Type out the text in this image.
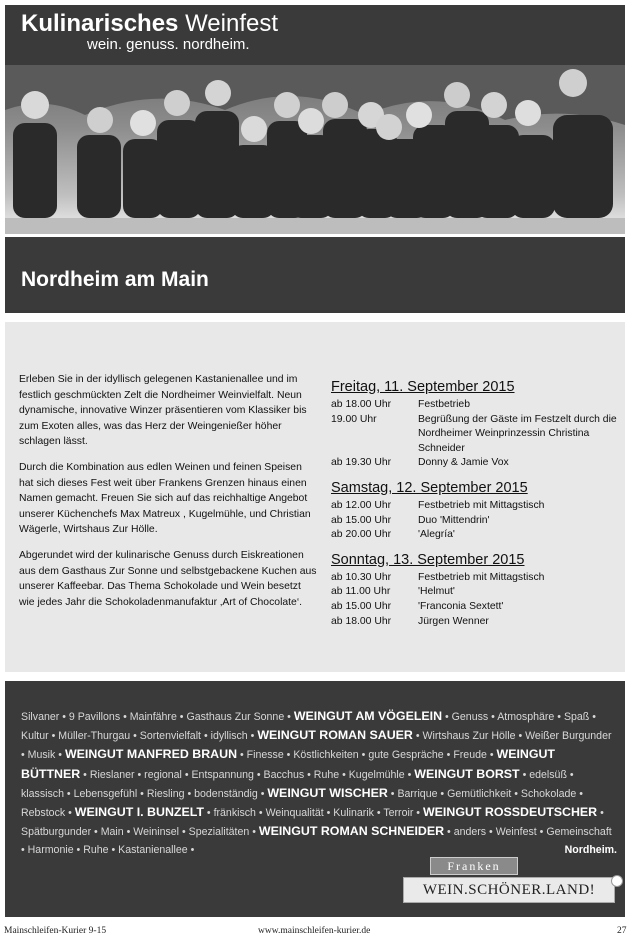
Kulinarisches Weinfest
wein. genuss. nordheim.
Nordheim am Main

Erleben Sie in der idyllisch gelegenen Kastanienallee und im festlich geschmückten Zelt die Nordheimer Weinvielfalt. Neun dynamische, innovative Winzer präsentieren vom Klassiker bis zum Exoten alles, was das Herz der Weingenießer höher schlagen lässt.

Durch die Kombination aus edlen Weinen und feinen Speisen hat sich dieses Fest weit über Frankens Grenzen hinaus einen Namen gemacht. Freuen Sie sich auf das reichhaltige Angebot unserer Küchenchefs Max Matreux , Kugelmühle, und Christian Wägerle, Wirtshaus Zur Hölle.

Abgerundet wird der kulinarische Genuss durch Eiskreationen aus dem Gasthaus Zur Sonne und selbstgebackene Kuchen aus unserer Kaffeebar. Das Thema Schokolade und Wein besetzt wie jedes Jahr die Schokoladenmanufaktur ‚Art of Chocolate‘.

Freitag, 11. September 2015
ab 18.00 Uhr	Festbetrieb
19.00 Uhr	Begrüßung der Gäste im Festzelt durch die Nordheimer Weinprinzessin Christina Schneider
ab 19.30 Uhr	Donny & Jamie Vox
Samstag, 12. September 2015
ab 12.00 Uhr	Festbetrieb mit Mittagstisch
ab 15.00 Uhr	Duo 'Mittendrin'
ab 20.00 Uhr	'Alegría'
Sonntag, 13. September 2015
ab 10.30 Uhr	Festbetrieb mit Mittagstisch
ab 11.00 Uhr	'Helmut'
ab 15.00 Uhr	'Franconia Sextett'
ab 18.00 Uhr	Jürgen Wenner
Silvaner • 9 Pavillons • Mainfähre • Gasthaus Zur Sonne • WEINGUT AM VÖGELEIN • Genuss • Atmosphäre • Spaß • Kultur • Müller-Thurgau • Sortenvielfalt • idyllisch • WEINGUT ROMAN SAUER • Wirtshaus Zur Hölle • Weißer Burgunder • Musik • WEINGUT MANFRED BRAUN • Finesse • Köstlichkeiten • gute Gespräche • Freude • WEINGUT BÜTTNER • Rieslaner • regional • Entspannung • Bacchus • Ruhe • Kugelmühle • WEINGUT BORST • edelsüß • klassisch • Lebensgefühl • Riesling • bodenständig • WEINGUT WISCHER • Barrique • Gemütlichkeit • Schokolade • Rebstock • WEINGUT I. BUNZELT • fränkisch • Weinqualität • Kulinarik • Terroir • WEINGUT ROSSDEUTSCHER • Spätburgunder • Main • Weininsel • Spezialitäten • WEINGUT ROMAN SCHNEIDER • anders • Weinfest • Gemeinschaft • Harmonie • Ruhe • Kastanienallee •	Nordheim.
Franken
WEIN.SCHÖNER.LAND!
Mainschleifen-Kurier 9-15	www.mainschleifen-kurier.de	27
